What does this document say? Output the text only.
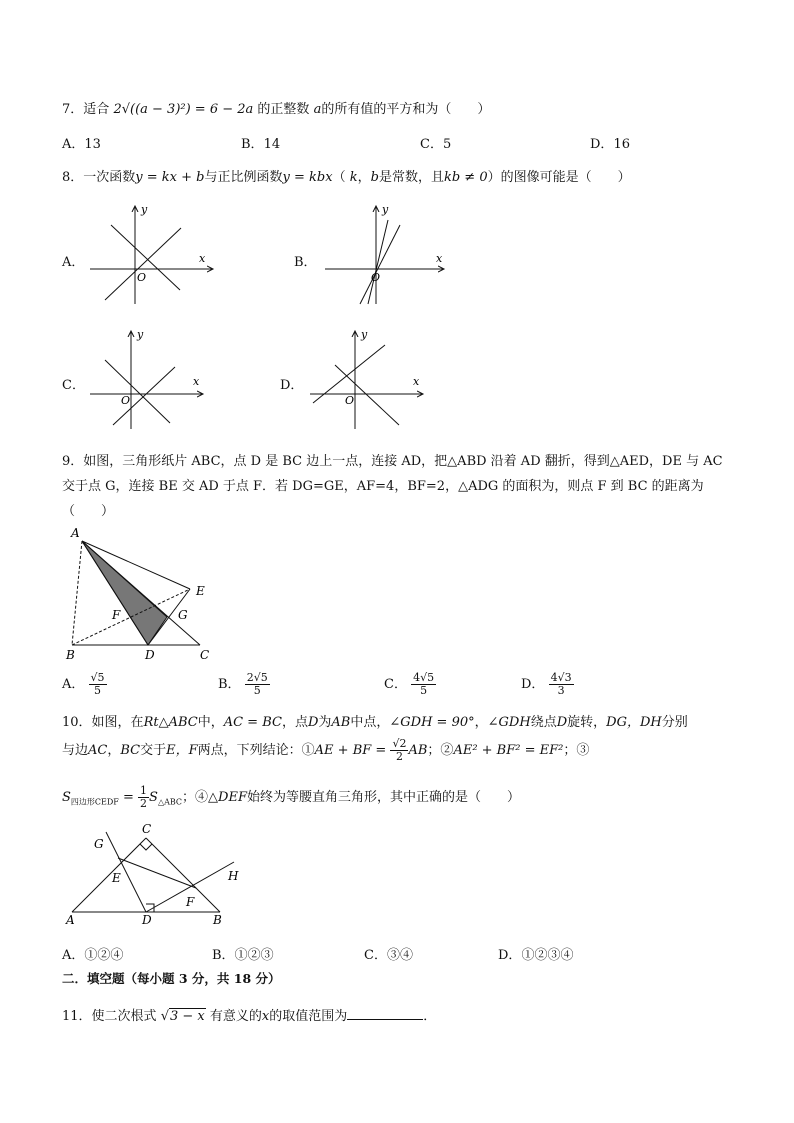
7．适合 2√((a − 3)²) = 6 − 2a 的正整数 a的所有值的平方和为（　　）
A．13	B．14	C．5	D．16
8．一次函数y = kx + b与正比例函数y = kbx（ k，b是常数，且kb ≠ 0）的图像可能是（　　）
A．	B．
C．	D．
x
y
O
x
y
O
x
y
O
x
y
O
9．如图，三角形纸片 ABC，点 D 是 BC 边上一点，连接 AD，把△ABD 沿着 AD 翻折，得到△AED，DE 与 AC
交于点 G，连接 BE 交 AD 于点 F．若 DG=GE，AF=4，BF=2，△ADG 的面积为，则点 F 到 BC 的距离为
（　　）
A
B	C
D
E
F	G
A． $\frac{√5}{5}$	B． $\frac{2√5}{5}$	C． $\frac{4√5}{5}$	D． $\frac{4√3}{3}$
10．如图，在Rt△ABC中，AC = BC，点D为AB中点，∠GDH = 90°，∠GDH绕点D旋转，DG，DH分别
与边AC，BC交于E，F两点，下列结论：①AE + BF = $\frac{√2}{2}$ AB；②AE² + BF² = EF²；③
$S_{四边形CEDF} = \frac{1}{2} S_{\triangle ABC}$；④△DEF始终为等腰直角三角形，其中正确的是（　　）
A	B
C
D
E
F
G
H
A．①②④	B．①②③	C．③④	D．①②③④
二．填空题（每小题 3 分，共 18 分）
11．使二次根式 √3 − x 有意义的x的取值范围为	．
